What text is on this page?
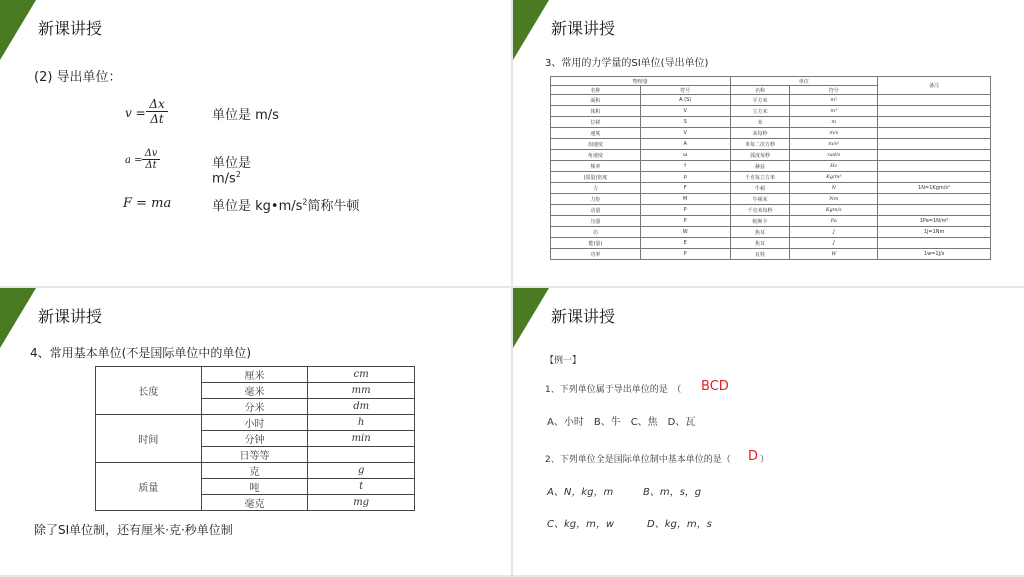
新课讲授
(2) 导出单位：
$v = \frac{\Delta x}{\Delta t}$	单位是 m/s
$a = \frac{\Delta v}{\Delta t}$	单位是
$m/s^2$
F = ma	单位是 $kg•m/s^2$简称牛顿
新课讲授
3、常用的力学量的SI单位(导出单位)
物理量		单位		备注
名称	符号	名称	符号	
面积	A (S)	平方米	m²	
体积	V	立方米	m³	
位移	S	米	m	
速度	V	米每秒	m/s	
加速度	A	米每二次方秒	m/s²	
角速度	ω	弧度每秒	rad/s	
频率	f	赫兹	Hz	
(质量)密度	ρ	千克每立方米	Kg/m³	
力	F	牛顿	N	1N=1Kgm/s²
力矩	M	牛顿米	Nm	
动量	P	千克米每秒	Kgm/s	
压强	P	帕斯卡	Pa	1Pa=1N/m²
功	W	焦耳	J	1J=1Nm
能(量)	E	焦耳	J	
功率	P	瓦特	W	1w=1J/s
新课讲授
4、常用基本单位(不是国际单位中的单位)
长度	厘米	cm
	毫米	mm
	分米	dm
时间	小时	h
	分钟	min
	日等等	
质量	克	g
	吨	t
	毫克	mg
除了SI单位制，还有厘米·克·秒单位制
新课讲授
【例一】
1、下列单位属于导出单位的是　（ BCD
A、小时　B、牛　C、焦　D、瓦
2、下列单位全是国际单位制中基本单位的是（ D ）
A、N，kg，m	B、m，s，g
C、kg，m，w	D、kg，m，s
